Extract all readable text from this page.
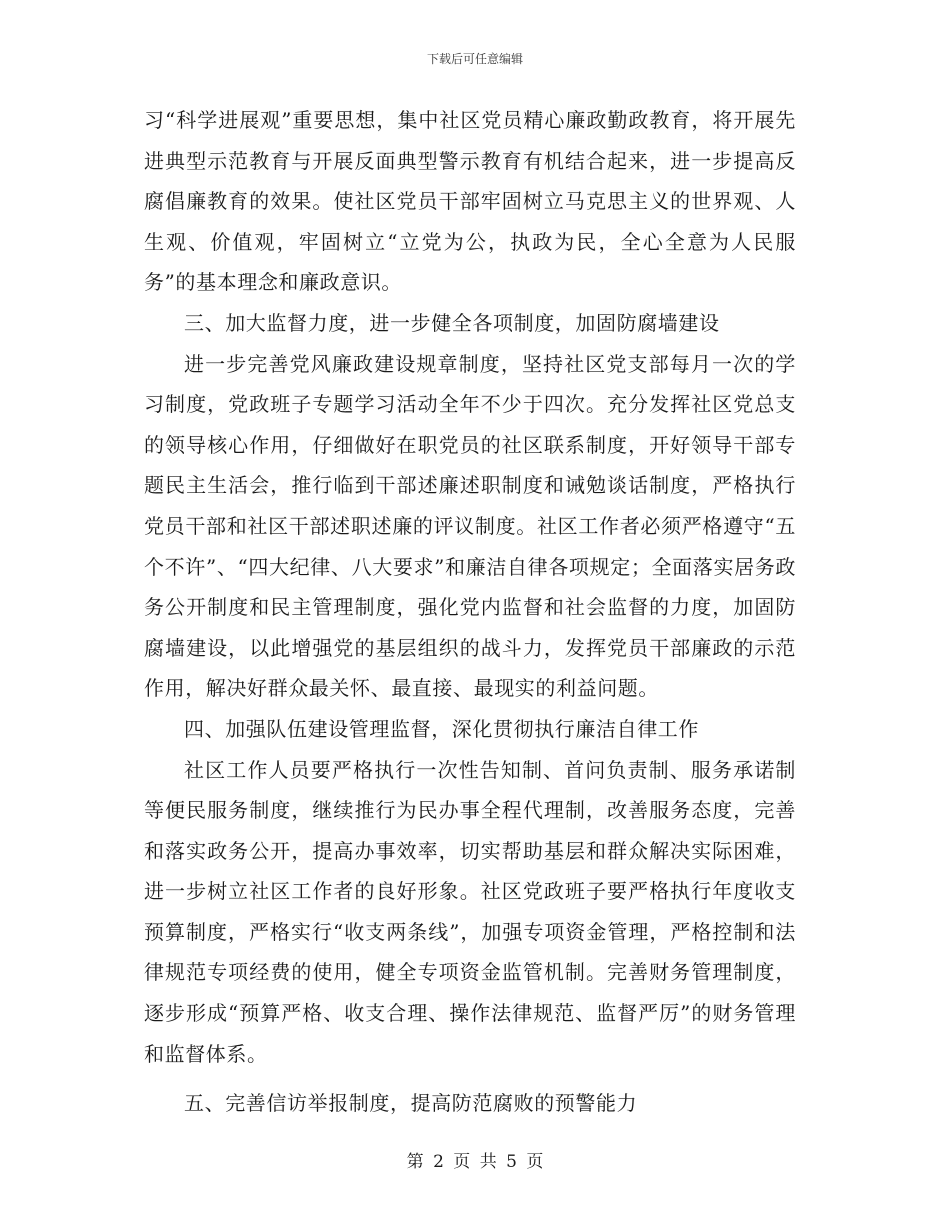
下载后可任意编辑

习“科学进展观”重要思想，集中社区党员精心廉政勤政教育，将开展先进典型示范教育与开展反面典型警示教育有机结合起来，进一步提高反腐倡廉教育的效果。使社区党员干部牢固树立马克思主义的世界观、人生观、价值观，牢固树立“立党为公，执政为民，全心全意为人民服务”的基本理念和廉政意识。

三、加大监督力度，进一步健全各项制度，加固防腐墙建设

进一步完善党风廉政建设规章制度，坚持社区党支部每月一次的学习制度，党政班子专题学习活动全年不少于四次。充分发挥社区党总支的领导核心作用，仔细做好在职党员的社区联系制度，开好领导干部专题民主生活会，推行临到干部述廉述职制度和诫勉谈话制度，严格执行党员干部和社区干部述职述廉的评议制度。社区工作者必须严格遵守“五个不许”、“四大纪律、八大要求”和廉洁自律各项规定；全面落实居务政务公开制度和民主管理制度，强化党内监督和社会监督的力度，加固防腐墙建设，以此增强党的基层组织的战斗力，发挥党员干部廉政的示范作用，解决好群众最关怀、最直接、最现实的利益问题。

四、加强队伍建设管理监督，深化贯彻执行廉洁自律工作

社区工作人员要严格执行一次性告知制、首问负责制、服务承诺制等便民服务制度，继续推行为民办事全程代理制，改善服务态度，完善和落实政务公开，提高办事效率，切实帮助基层和群众解决实际困难，进一步树立社区工作者的良好形象。社区党政班子要严格执行年度收支预算制度，严格实行“收支两条线”，加强专项资金管理，严格控制和法律规范专项经费的使用，健全专项资金监管机制。完善财务管理制度，逐步形成“预算严格、收支合理、操作法律规范、监督严厉”的财务管理和监督体系。

五、完善信访举报制度，提高防范腐败的预警能力

第 2 页 共 5 页
